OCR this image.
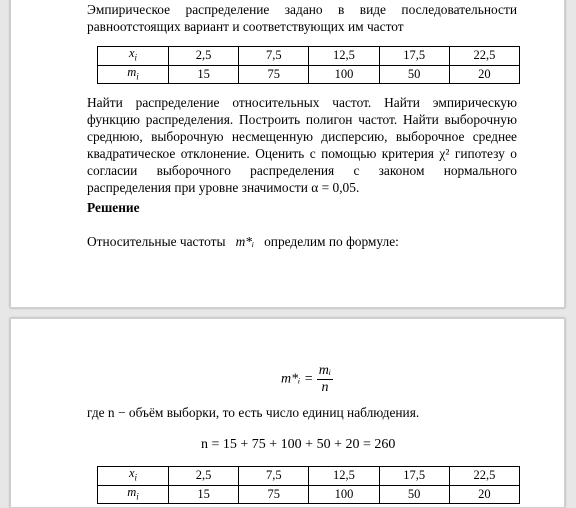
Эмпирическое распределение задано в виде последовательности равноотстоящих вариант и соответствующих им частот

$x_i$	2,5	7,5	12,5	17,5	22,5
$m_i$	15	75	100	50	20

Найти распределение относительных частот. Найти эмпирическую функцию распределения. Построить полигон частот. Найти выборочную среднюю, выборочную несмещенную дисперсию, выборочное среднее квадратическое отклонение. Оценить с помощью критерия χ² гипотезу о согласии выборочного распределения с законом нормального распределения при уровне значимости α = 0,05.

Решение
Относительные частоты m*ᵢ определим по формуле:
m*ᵢ = $\frac{\text{mᵢ}}{n}$

где n − объём выборки, то есть число единиц наблюдения.

n = 15 + 75 + 100 + 50 + 20 = 260
$x_i$	2,5	7,5	12,5	17,5	22,5
$m_i$	15	75	100	50	20
